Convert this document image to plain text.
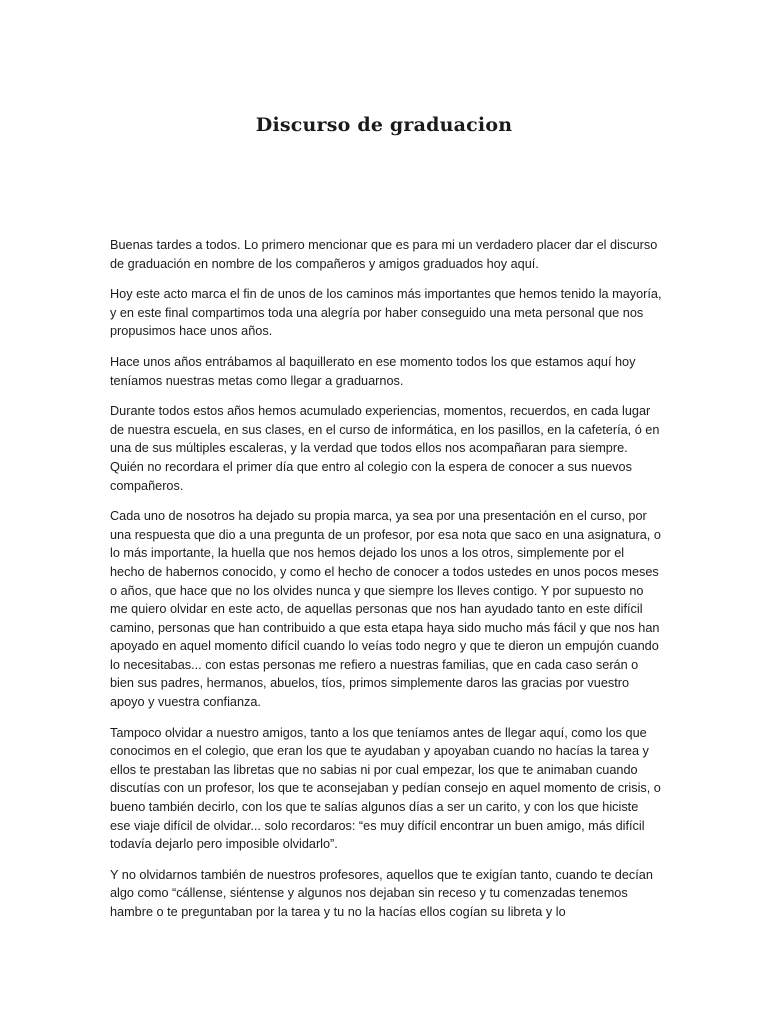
Discurso de graduacion

Buenas tardes a todos. Lo primero mencionar que es para mi un verdadero placer dar el discurso de graduación en nombre de los compañeros y amigos graduados hoy aquí.

Hoy este acto marca el fin de unos de los caminos más importantes que hemos tenido la mayoría, y en este final compartimos toda una alegría por haber conseguido una meta personal que nos propusimos hace unos años.

Hace unos años entrábamos al baquillerato en ese momento todos los que estamos aquí hoy teníamos nuestras metas como llegar a graduarnos.

Durante todos estos años hemos acumulado experiencias, momentos, recuerdos, en cada lugar de nuestra escuela, en sus clases, en el curso de informática, en los pasillos, en la cafetería, ó en una de sus múltiples escaleras, y la verdad que todos ellos nos acompañaran para siempre. Quién no recordara el primer día que entro al colegio con la espera de conocer a sus nuevos compañeros.

Cada uno de nosotros ha dejado su propia marca, ya sea por una presentación en el curso, por una respuesta que dio a una pregunta de un profesor, por esa nota que saco en una asignatura, o lo más importante, la huella que nos hemos dejado los unos a los otros, simplemente por el hecho de habernos conocido, y como el hecho de conocer a todos ustedes en unos pocos meses o años, que hace que no los olvides nunca y que siempre los lleves contigo. Y por supuesto no me quiero olvidar en este acto, de aquellas personas que nos han ayudado tanto en este difícil camino, personas que han contribuido a que esta etapa haya sido mucho más fácil y que nos han apoyado en aquel momento difícil cuando lo veías todo negro y que te dieron un empujón cuando lo necesitabas... con estas personas me refiero a nuestras familias, que en cada caso serán o bien sus padres, hermanos, abuelos, tíos, primos simplemente daros las gracias por vuestro apoyo y vuestra confianza.

Tampoco olvidar a nuestro amigos, tanto a los que teníamos antes de llegar aquí, como los que conocimos en el colegio, que eran los que te ayudaban y apoyaban cuando no hacías la tarea y ellos te prestaban las libretas que no sabias ni por cual empezar, los que te animaban cuando discutías con un profesor, los que te aconsejaban y pedían consejo en aquel momento de crisis, o bueno también decirlo, con los que te salías algunos días a ser un carito, y con los que hiciste ese viaje difícil de olvidar... solo recordaros: “es muy difícil encontrar un buen amigo, más difícil todavía dejarlo pero imposible olvidarlo”.

Y no olvidarnos también de nuestros profesores, aquellos que te exigían tanto, cuando te decían algo como “cállense, siéntense y algunos nos dejaban sin receso y tu comenzadas tenemos hambre o te preguntaban por la tarea y tu no la hacías ellos cogían su libreta y lo
